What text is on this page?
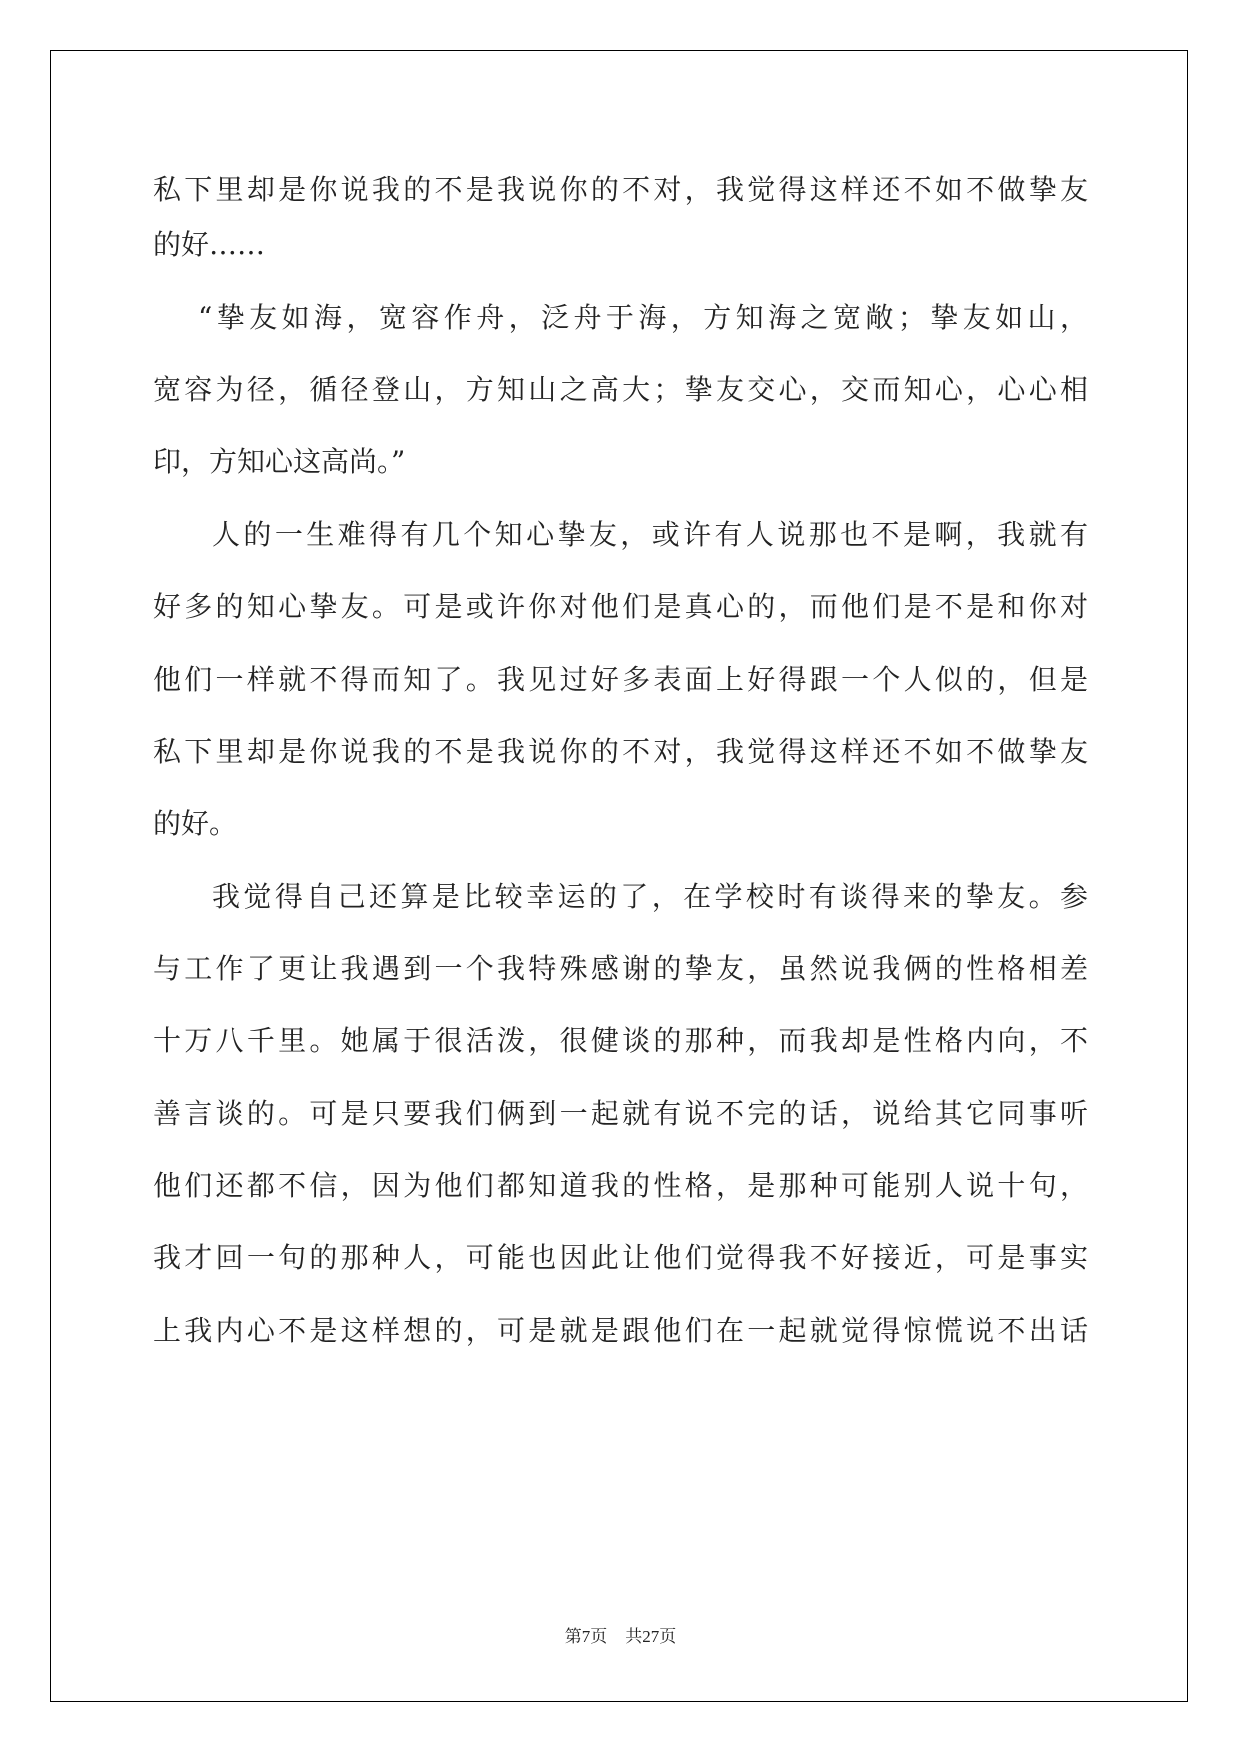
私下里却是你说我的不是我说你的不对，我觉得这样还不如不做挚友
的好……
“挚友如海，宽容作舟，泛舟于海，方知海之宽敞；挚友如山，
宽容为径，循径登山，方知山之高大；挚友交心，交而知心，心心相
印，方知心这高尚。”
人的一生难得有几个知心挚友，或许有人说那也不是啊，我就有
好多的知心挚友。可是或许你对他们是真心的，而他们是不是和你对
他们一样就不得而知了。我见过好多表面上好得跟一个人似的，但是
私下里却是你说我的不是我说你的不对，我觉得这样还不如不做挚友
的好。
我觉得自己还算是比较幸运的了，在学校时有谈得来的挚友。参
与工作了更让我遇到一个我特殊感谢的挚友，虽然说我俩的性格相差
十万八千里。她属于很活泼，很健谈的那种，而我却是性格内向，不
善言谈的。可是只要我们俩到一起就有说不完的话，说给其它同事听
他们还都不信，因为他们都知道我的性格，是那种可能别人说十句，
我才回一句的那种人，可能也因此让他们觉得我不好接近，可是事实
上我内心不是这样想的，可是就是跟他们在一起就觉得惊慌说不出话
第7页 共27页
